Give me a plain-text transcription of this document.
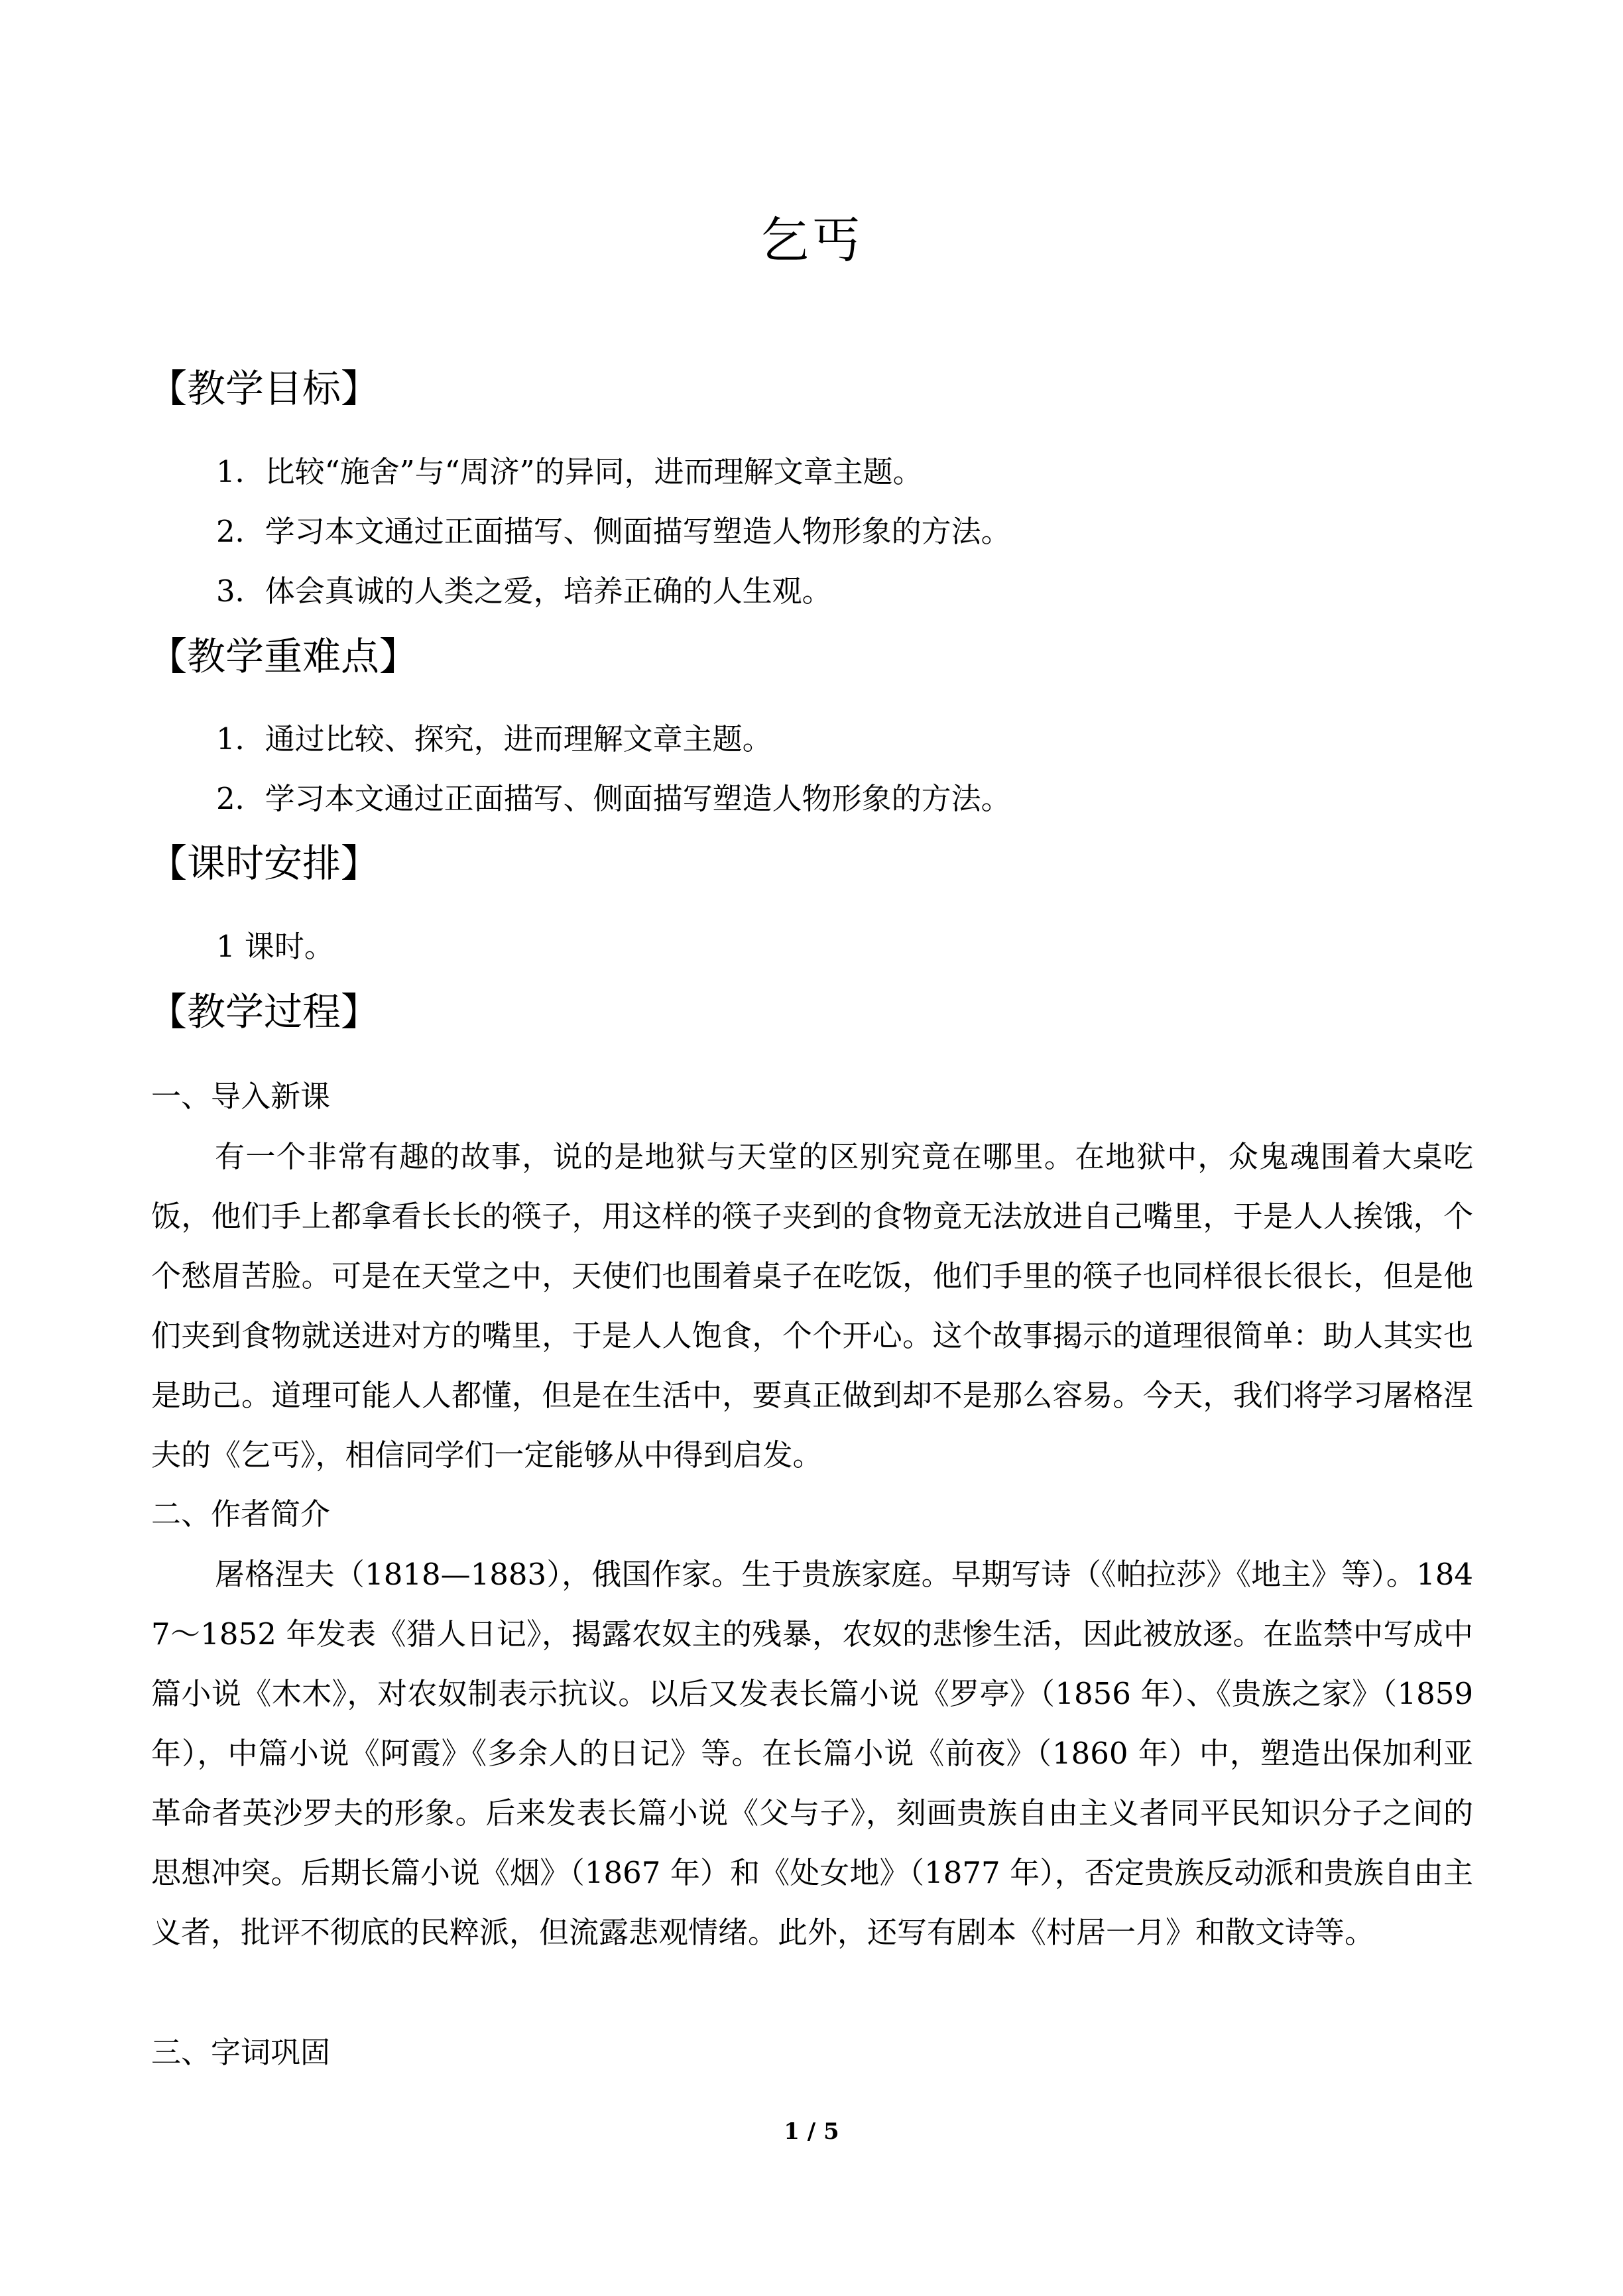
乞丐
【教学目标】
1．比较“施舍”与“周济”的异同，进而理解文章主题。
2．学习本文通过正面描写、侧面描写塑造人物形象的方法。
3．体会真诚的人类之爱，培养正确的人生观。
【教学重难点】
1．通过比较、探究，进而理解文章主题。
2．学习本文通过正面描写、侧面描写塑造人物形象的方法。
【课时安排】
1 课时。
【教学过程】
一、导入新课
有一个非常有趣的故事，说的是地狱与天堂的区别究竟在哪里。在地狱中，众鬼魂围着大桌吃饭，他们手上都拿看长长的筷子，用这样的筷子夹到的食物竟无法放进自己嘴里，于是人人挨饿，个个愁眉苦脸。可是在天堂之中，天使们也围着桌子在吃饭，他们手里的筷子也同样很长很长，但是他们夹到食物就送进对方的嘴里，于是人人饱食，个个开心。这个故事揭示的道理很简单：助人其实也是助己。道理可能人人都懂，但是在生活中，要真正做到却不是那么容易。今天，我们将学习屠格涅夫的《乞丐》，相信同学们一定能够从中得到启发。
二、作者简介
屠格涅夫（1818—1883），俄国作家。生于贵族家庭。早期写诗（《帕拉莎》《地主》等）。1847～1852 年发表《猎人日记》，揭露农奴主的残暴，农奴的悲惨生活，因此被放逐。在监禁中写成中篇小说《木木》，对农奴制表示抗议。以后又发表长篇小说《罗亭》（1856 年）、《贵族之家》（1859 年），中篇小说《阿霞》《多余人的日记》等。在长篇小说《前夜》（1860 年）中，塑造出保加利亚革命者英沙罗夫的形象。后来发表长篇小说《父与子》，刻画贵族自由主义者同平民知识分子之间的思想冲突。后期长篇小说《烟》（1867 年）和《处女地》（1877 年），否定贵族反动派和贵族自由主义者，批评不彻底的民粹派，但流露悲观情绪。此外，还写有剧本《村居一月》和散文诗等。
三、字词巩固
1 / 5
